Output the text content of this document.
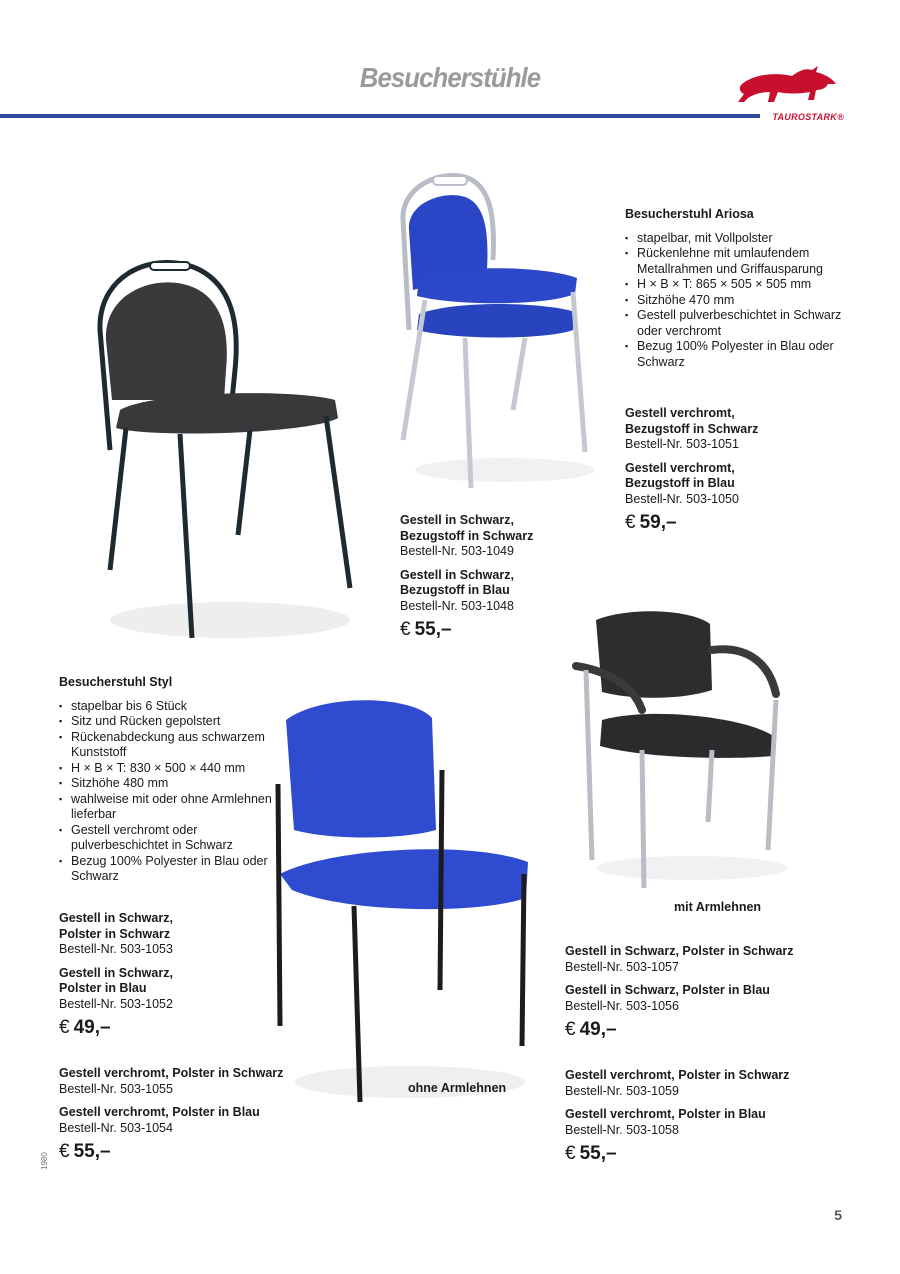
Besucherstühle
TAUROSTARK®
Besucherstuhl Ariosa
▪ stapelbar, mit Vollpolster
▪ Rückenlehne mit umlaufendem Metallrahmen und Griffausparung
▪ H × B × T: 865 × 505 × 505 mm
▪ Sitzhöhe 470 mm
▪ Gestell pulverbeschichtet in Schwarz oder verchromt
▪ Bezug 100% Polyester in Blau oder Schwarz
Gestell verchromt,
Bezugstoff in Schwarz
Bestell-Nr. 503-1051
Gestell verchromt,
Bezugstoff in Blau
Bestell-Nr. 503-1050
€ 59,–
Gestell in Schwarz,
Bezugstoff in Schwarz
Bestell-Nr. 503-1049
Gestell in Schwarz,
Bezugstoff in Blau
Bestell-Nr. 503-1048
€ 55,–
Besucherstuhl Styl
▪ stapelbar bis 6 Stück
▪ Sitz und Rücken gepolstert
▪ Rückenabdeckung aus schwarzem Kunststoff
▪ H × B × T: 830 × 500 × 440 mm
▪ Sitzhöhe 480 mm
▪ wahlweise mit oder ohne Armlehnen lieferbar
▪ Gestell verchromt oder pulverbeschichtet in Schwarz
▪ Bezug 100% Polyester in Blau oder Schwarz
Gestell in Schwarz,
Polster in Schwarz
Bestell-Nr. 503-1053
Gestell in Schwarz,
Polster in Blau
Bestell-Nr. 503-1052
€ 49,–
Gestell verchromt, Polster in Schwarz
Bestell-Nr. 503-1055
Gestell verchromt, Polster in Blau
Bestell-Nr. 503-1054
€ 55,–
ohne Armlehnen
mit Armlehnen
Gestell in Schwarz, Polster in Schwarz
Bestell-Nr. 503-1057
Gestell in Schwarz, Polster in Blau
Bestell-Nr. 503-1056
€ 49,–
Gestell verchromt, Polster in Schwarz
Bestell-Nr. 503-1059
Gestell verchromt, Polster in Blau
Bestell-Nr. 503-1058
€ 55,–
1980
5
